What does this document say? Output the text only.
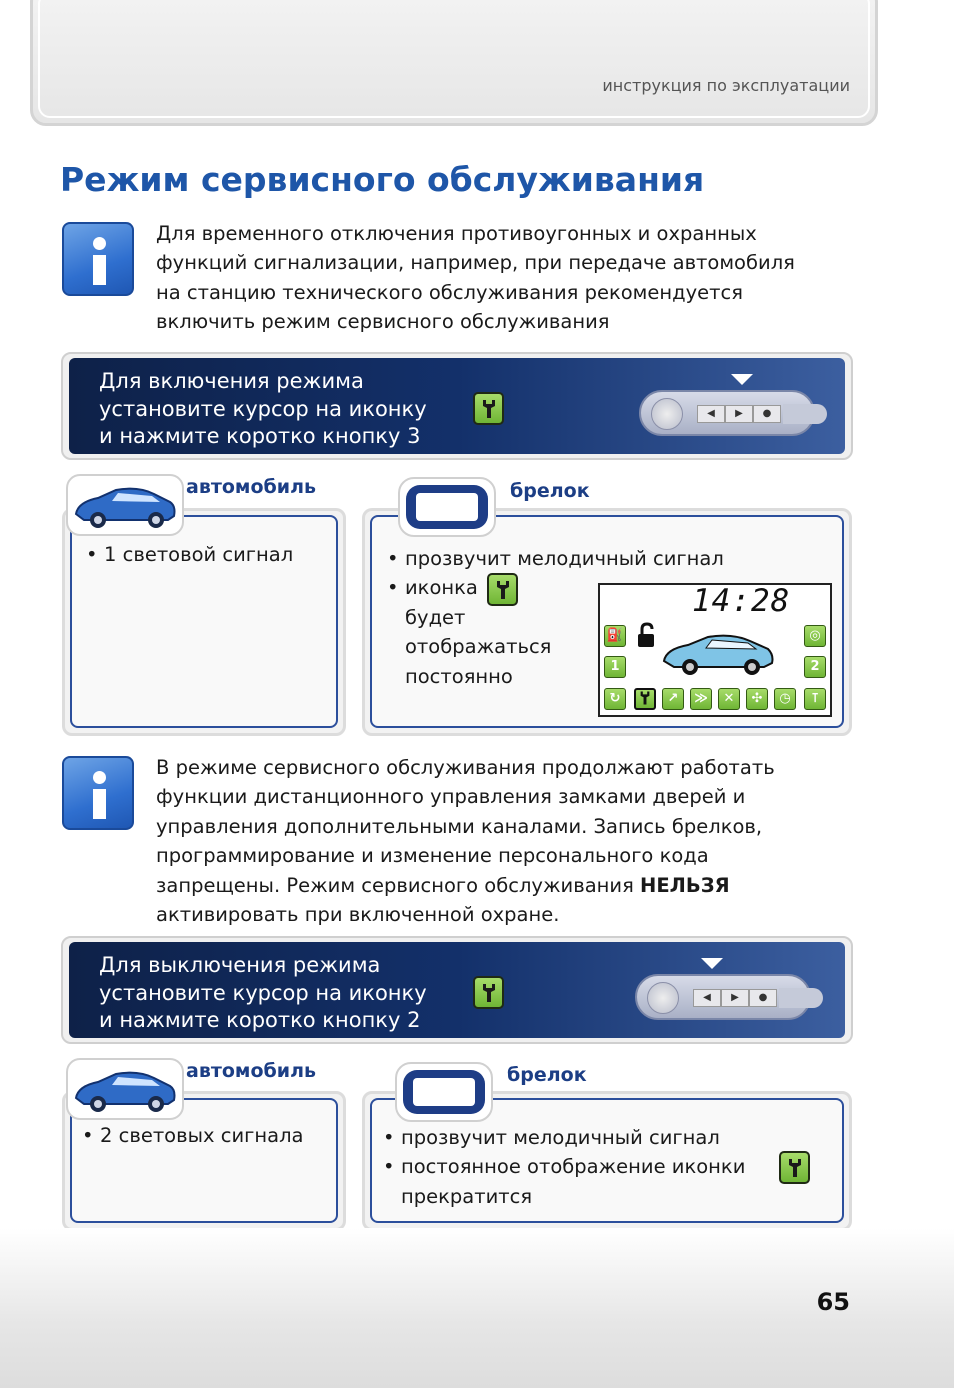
инструкция по эксплуатации
Режим сервисного обслуживания
Для временного отключения противоугонных и охранных
функций сигнализации, например, при передаче автомобиля
на станцию технического обслуживания рекомендуется
включить режим сервисного обслуживания
Для включения режима
установите курсор на иконку
и нажмите коротко кнопку 3
◀	▶	●
автомобиль
• 1 световой сигнал
брелок
• прозвучит мелодичный сигнал
• иконка
будет
отображаться
постоянно
14:28
⛽
1
◎
2
↻	↗	≫	✕	✣	◷	⊺
В режиме сервисного обслуживания продолжают работать
функции дистанционного управления замками дверей и
управления дополнительными каналами. Запись брелков,
программирование и изменение персонального кода
запрещены. Режим сервисного обслуживания НЕЛЬЗЯ
активировать при включенной охране.
Для выключения режима
установите курсор на иконку
и нажмите коротко кнопку 2
◀	▶	●
автомобиль
• 2 световых сигнала
брелок
• прозвучит мелодичный сигнал
• постоянное отображение иконки
прекратится
65
